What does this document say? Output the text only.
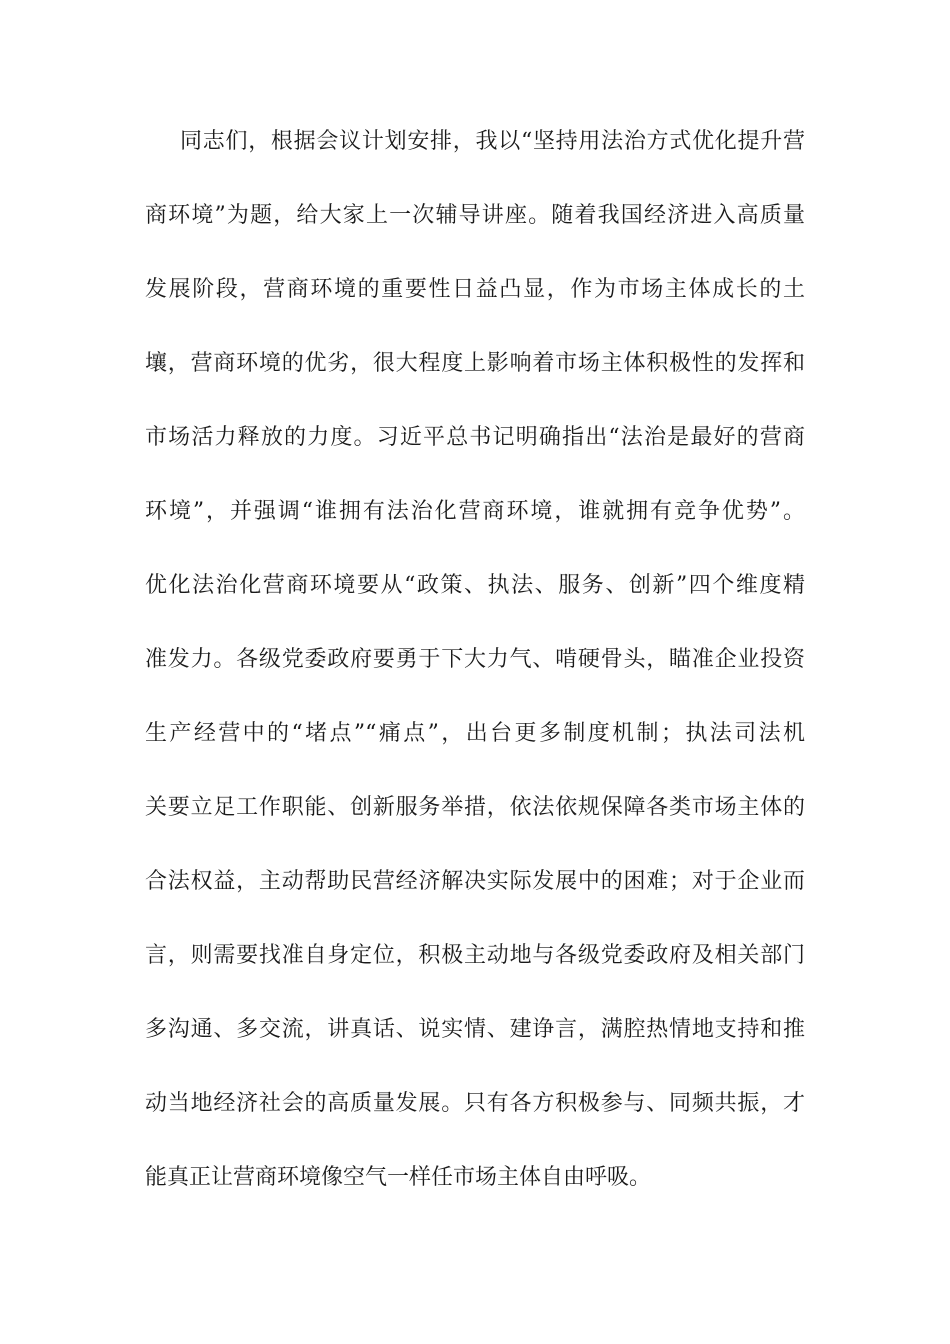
同志们，根据会议计划安排，我以“坚持用法治方式优化提升营
商环境”为题，给大家上一次辅导讲座。随着我国经济进入高质量
发展阶段，营商环境的重要性日益凸显，作为市场主体成长的土
壤，营商环境的优劣，很大程度上影响着市场主体积极性的发挥和
市场活力释放的力度。习近平总书记明确指出“法治是最好的营商
环境”，并强调“谁拥有法治化营商环境，谁就拥有竞争优势”。
优化法治化营商环境要从“政策、执法、服务、创新”四个维度精
准发力。各级党委政府要勇于下大力气、啃硬骨头，瞄准企业投资
生产经营中的“堵点”“痛点”，出台更多制度机制；执法司法机
关要立足工作职能、创新服务举措，依法依规保障各类市场主体的
合法权益，主动帮助民营经济解决实际发展中的困难；对于企业而
言，则需要找准自身定位，积极主动地与各级党委政府及相关部门
多沟通、多交流，讲真话、说实情、建诤言，满腔热情地支持和推
动当地经济社会的高质量发展。只有各方积极参与、同频共振，才
能真正让营商环境像空气一样任市场主体自由呼吸。
